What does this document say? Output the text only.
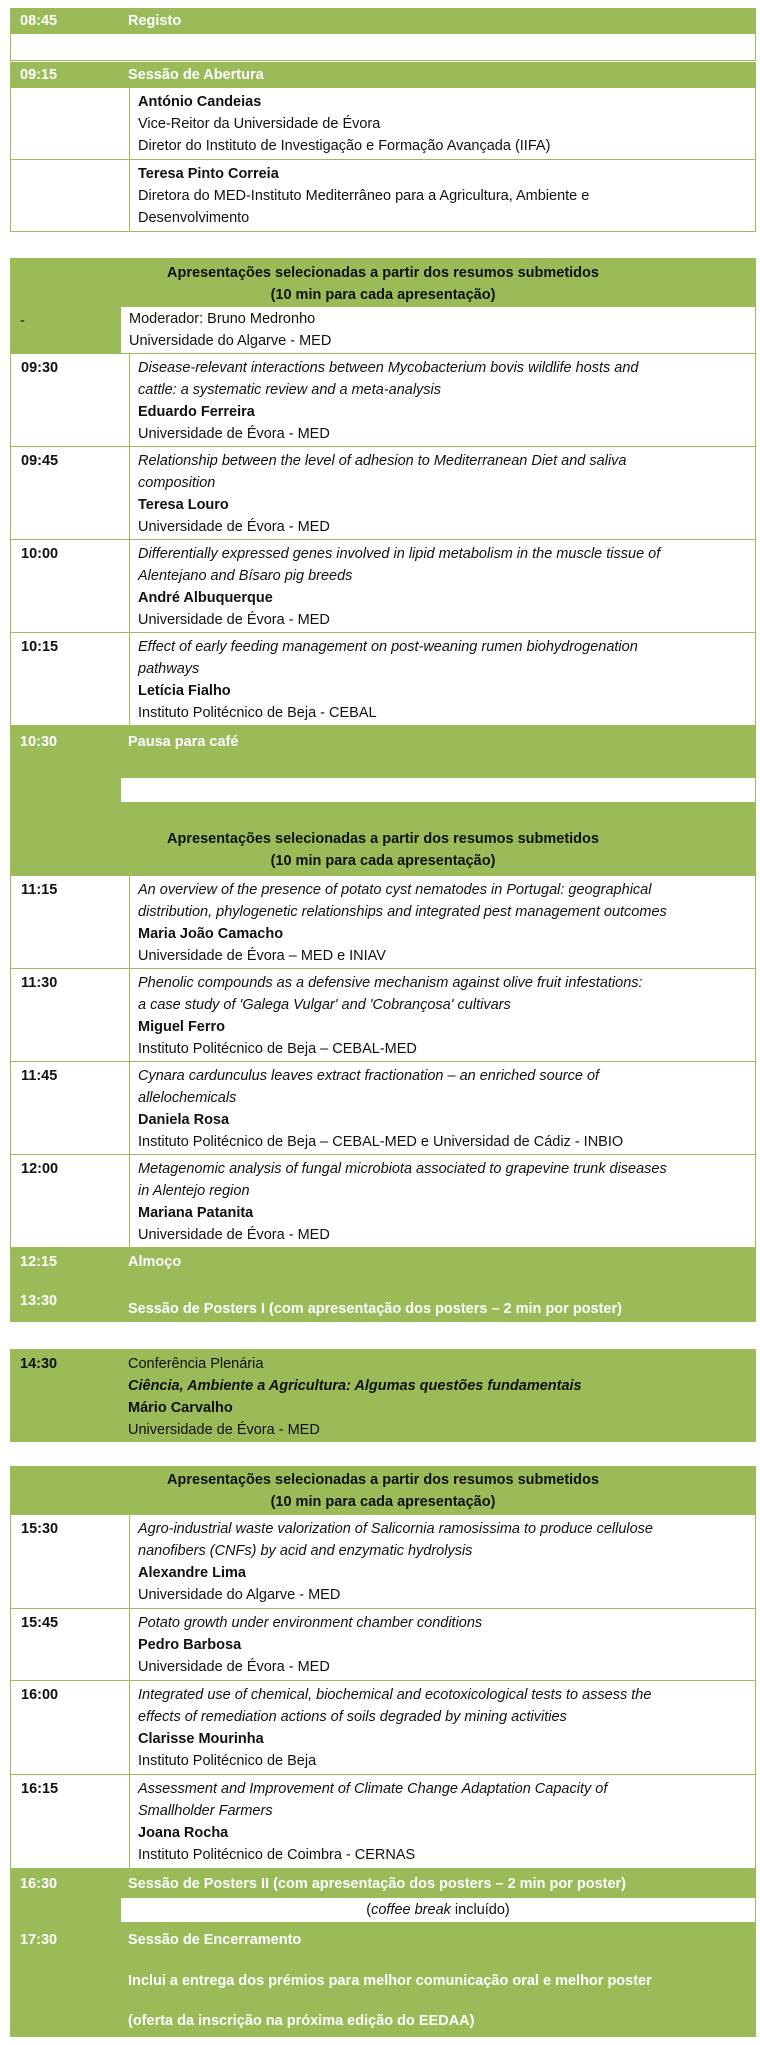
08:45	Registo
09:15	Sessão de Abertura
António Candeias
Vice-Reitor da Universidade de Évora
Diretor do Instituto de Investigação e Formação Avançada (IIFA)
Teresa Pinto Correia
Diretora do MED-Instituto Mediterrâneo para a Agricultura, Ambiente e
Desenvolvimento
Apresentações selecionadas a partir dos resumos submetidos
(10 min para cada apresentação)
-	Moderador: Bruno Medronho
Universidade do Algarve - MED
09:30	Disease-relevant interactions between Mycobacterium bovis wildlife hosts and
cattle: a systematic review and a meta-analysis
Eduardo Ferreira
Universidade de Évora - MED
09:45	Relationship between the level of adhesion to Mediterranean Diet and saliva
composition
Teresa Louro
Universidade de Évora - MED
10:00	Differentially expressed genes involved in lipid metabolism in the muscle tissue of
Alentejano and Bísaro pig breeds
André Albuquerque
Universidade de Évora - MED
10:15	Effect of early feeding management on post-weaning rumen biohydrogenation
pathways
Letícia Fialho
Instituto Politécnico de Beja - CEBAL
10:30	Pausa para café
Apresentações selecionadas a partir dos resumos submetidos
(10 min para cada apresentação)
11:15	An overview of the presence of potato cyst nematodes in Portugal: geographical
distribution, phylogenetic relationships and integrated pest management outcomes
Maria João Camacho
Universidade de Évora – MED e INIAV
11:30	Phenolic compounds as a defensive mechanism against olive fruit infestations:
a case study of 'Galega Vulgar' and 'Cobrançosa' cultivars
Miguel Ferro
Instituto Politécnico de Beja – CEBAL-MED
11:45	Cynara cardunculus leaves extract fractionation – an enriched source of
allelochemicals
Daniela Rosa
Instituto Politécnico de Beja – CEBAL-MED e Universidad de Cádiz - INBIO
12:00	Metagenomic analysis of fungal microbiota associated to grapevine trunk diseases
in Alentejo region
Mariana Patanita
Universidade de Évora - MED
12:15	Almoço
13:30	Sessão de Posters I (com apresentação dos posters – 2 min por poster)
14:30	Conferência Plenária
Ciência, Ambiente a Agricultura: Algumas questões fundamentais
Mário Carvalho
Universidade de Évora - MED
Apresentações selecionadas a partir dos resumos submetidos
(10 min para cada apresentação)
15:30	Agro-industrial waste valorization of Salicornia ramosissima to produce cellulose
nanofibers (CNFs) by acid and enzymatic hydrolysis
Alexandre Lima
Universidade do Algarve - MED
15:45	Potato growth under environment chamber conditions
Pedro Barbosa
Universidade de Évora - MED
16:00	Integrated use of chemical, biochemical and ecotoxicological tests to assess the
effects of remediation actions of soils degraded by mining activities
Clarisse Mourinha
Instituto Politécnico de Beja
16:15	Assessment and Improvement of Climate Change Adaptation Capacity of
Smallholder Farmers
Joana Rocha
Instituto Politécnico de Coimbra - CERNAS
16:30	Sessão de Posters II (com apresentação dos posters – 2 min por poster)
(coffee break incluído)
17:30	Sessão de Encerramento
Inclui a entrega dos prémios para melhor comunicação oral e melhor poster
(oferta da inscrição na próxima edição do EEDAA)
